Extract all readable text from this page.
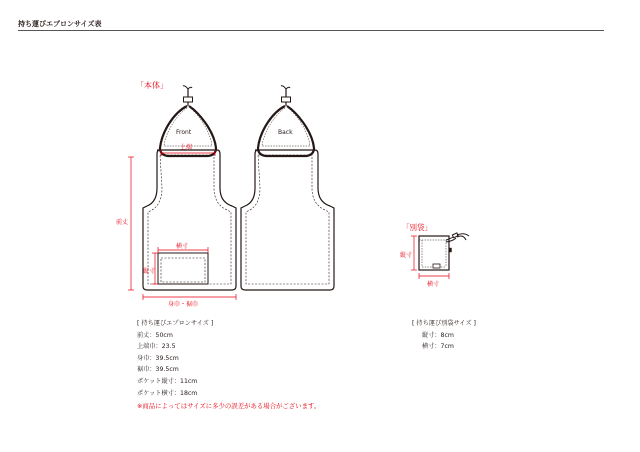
持ち運びエプロンサイズ表
「本体」
Front	Back
上端
前丈
身巾・裾巾
横寸
縦寸
「別袋」
縦寸
横寸
[ 持ち運びエプロンサイズ ]
前丈：50cm
上端巾：23.5
身巾：39.5cm
裾巾：39.5cm
ポケット縦寸：11cm
ポケット横寸：18cm
[ 持ち運び別袋サイズ ]
縦寸：8cm
横寸：7cm
※商品によってはサイズに多少の誤差がある場合がございます。
